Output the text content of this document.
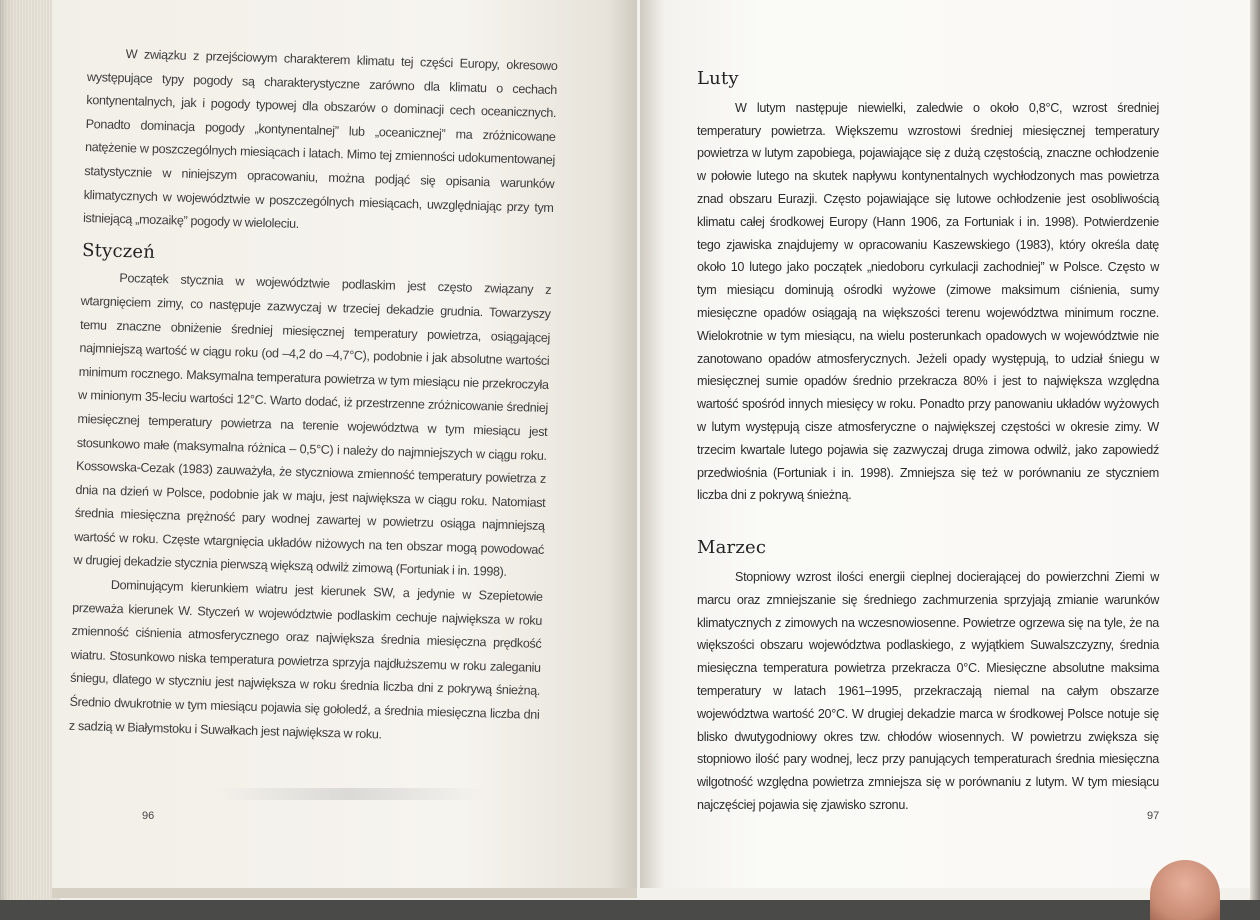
W związku z przejściowym charakterem klimatu tej części Europy, okresowo występujące typy pogody są charakterystyczne zarówno dla klimatu o cechach kontynentalnych, jak i pogody typowej dla obszarów o dominacji cech oceanicznych. Ponadto dominacja pogody „kontynentalnej” lub „oceanicznej” ma zróżnicowane natężenie w poszczególnych miesiącach i latach. Mimo tej zmienności udokumentowanej statystycznie w niniejszym opracowaniu, można podjąć się opisania warunków klimatycznych w województwie w poszczególnych miesiącach, uwzględniając przy tym istniejącą „mozaikę” pogody w wieloleciu.

Styczeń

Początek stycznia w województwie podlaskim jest często związany z wtargnięciem zimy, co następuje zazwyczaj w trzeciej dekadzie grudnia. Towarzyszy temu znaczne obniżenie średniej miesięcznej temperatury powietrza, osiągającej najmniejszą wartość w ciągu roku (od –4,2 do –4,7°C), podobnie i jak absolutne wartości minimum rocznego. Maksymalna temperatura powietrza w tym miesiącu nie przekroczyła w minionym 35-leciu wartości 12°C. Warto dodać, iż przestrzenne zróżnicowanie średniej miesięcznej temperatury powietrza na terenie województwa w tym miesiącu jest stosunkowo małe (maksymalna różnica – 0,5°C) i należy do najmniejszych w ciągu roku. Kossowska-Cezak (1983) zauważyła, że styczniowa zmienność temperatury powietrza z dnia na dzień w Polsce, podobnie jak w maju, jest największa w ciągu roku. Natomiast średnia miesięczna prężność pary wodnej zawartej w powietrzu osiąga najmniejszą wartość w roku. Częste wtargnięcia układów niżowych na ten obszar mogą powodować w drugiej dekadzie stycznia pierwszą większą odwilż zimową (Fortuniak i in. 1998).

Dominującym kierunkiem wiatru jest kierunek SW, a jedynie w Szepietowie przeważa kierunek W. Styczeń w województwie podlaskim cechuje największa w roku zmienność ciśnienia atmosferycznego oraz największa średnia miesięczna prędkość wiatru. Stosunkowo niska temperatura powietrza sprzyja najdłuższemu w roku zaleganiu śniegu, dlatego w styczniu jest największa w roku średnia liczba dni z pokrywą śnieżną. Średnio dwukrotnie w tym miesiącu pojawia się gołoledź, a średnia miesięczna liczba dni z sadzią w Białymstoku i Suwałkach jest największa w roku.

96
Luty

W lutym następuje niewielki, zaledwie o około 0,8°C, wzrost średniej temperatury powietrza. Większemu wzrostowi średniej miesięcznej temperatury powietrza w lutym zapobiega, pojawiające się z dużą częstością, znaczne ochłodzenie w połowie lutego na skutek napływu kontynentalnych wychłodzonych mas powietrza znad obszaru Eurazji. Często pojawiające się lutowe ochłodzenie jest osobliwością klimatu całej środkowej Europy (Hann 1906, za Fortuniak i in. 1998). Potwierdzenie tego zjawiska znajdujemy w opracowaniu Kaszewskiego (1983), który określa datę około 10 lutego jako początek „niedoboru cyrkulacji zachodniej” w Polsce. Często w tym miesiącu dominują ośrodki wyżowe (zimowe maksimum ciśnienia, sumy miesięczne opadów osiągają na większości terenu województwa minimum roczne. Wielokrotnie w tym miesiącu, na wielu posterunkach opadowych w województwie nie zanotowano opadów atmosferycznych. Jeżeli opady występują, to udział śniegu w miesięcznej sumie opadów średnio przekracza 80% i jest to największa względna wartość spośród innych miesięcy w roku. Ponadto przy panowaniu układów wyżowych w lutym występują cisze atmosferyczne o największej częstości w okresie zimy. W trzecim kwartale lutego pojawia się zazwyczaj druga zimowa odwilż, jako zapowiedź przedwiośnia (Fortuniak i in. 1998). Zmniejsza się też w porównaniu ze styczniem liczba dni z pokrywą śnieżną.

Marzec

Stopniowy wzrost ilości energii cieplnej docierającej do powierzchni Ziemi w marcu oraz zmniejszanie się średniego zachmurzenia sprzyjają zmianie warunków klimatycznych z zimowych na wczesnowiosenne. Powietrze ogrzewa się na tyle, że na większości obszaru województwa podlaskiego, z wyjątkiem Suwalszczyzny, średnia miesięczna temperatura powietrza przekracza 0°C. Miesięczne absolutne maksima temperatury w latach 1961–1995, przekraczają niemal na całym obszarze województwa wartość 20°C. W drugiej dekadzie marca w środkowej Polsce notuje się blisko dwutygodniowy okres tzw. chłodów wiosennych. W powietrzu zwiększa się stopniowo ilość pary wodnej, lecz przy panujących temperaturach średnia miesięczna wilgotność względna powietrza zmniejsza się w porównaniu z lutym. W tym miesiącu najczęściej pojawia się zjawisko szronu.

97
